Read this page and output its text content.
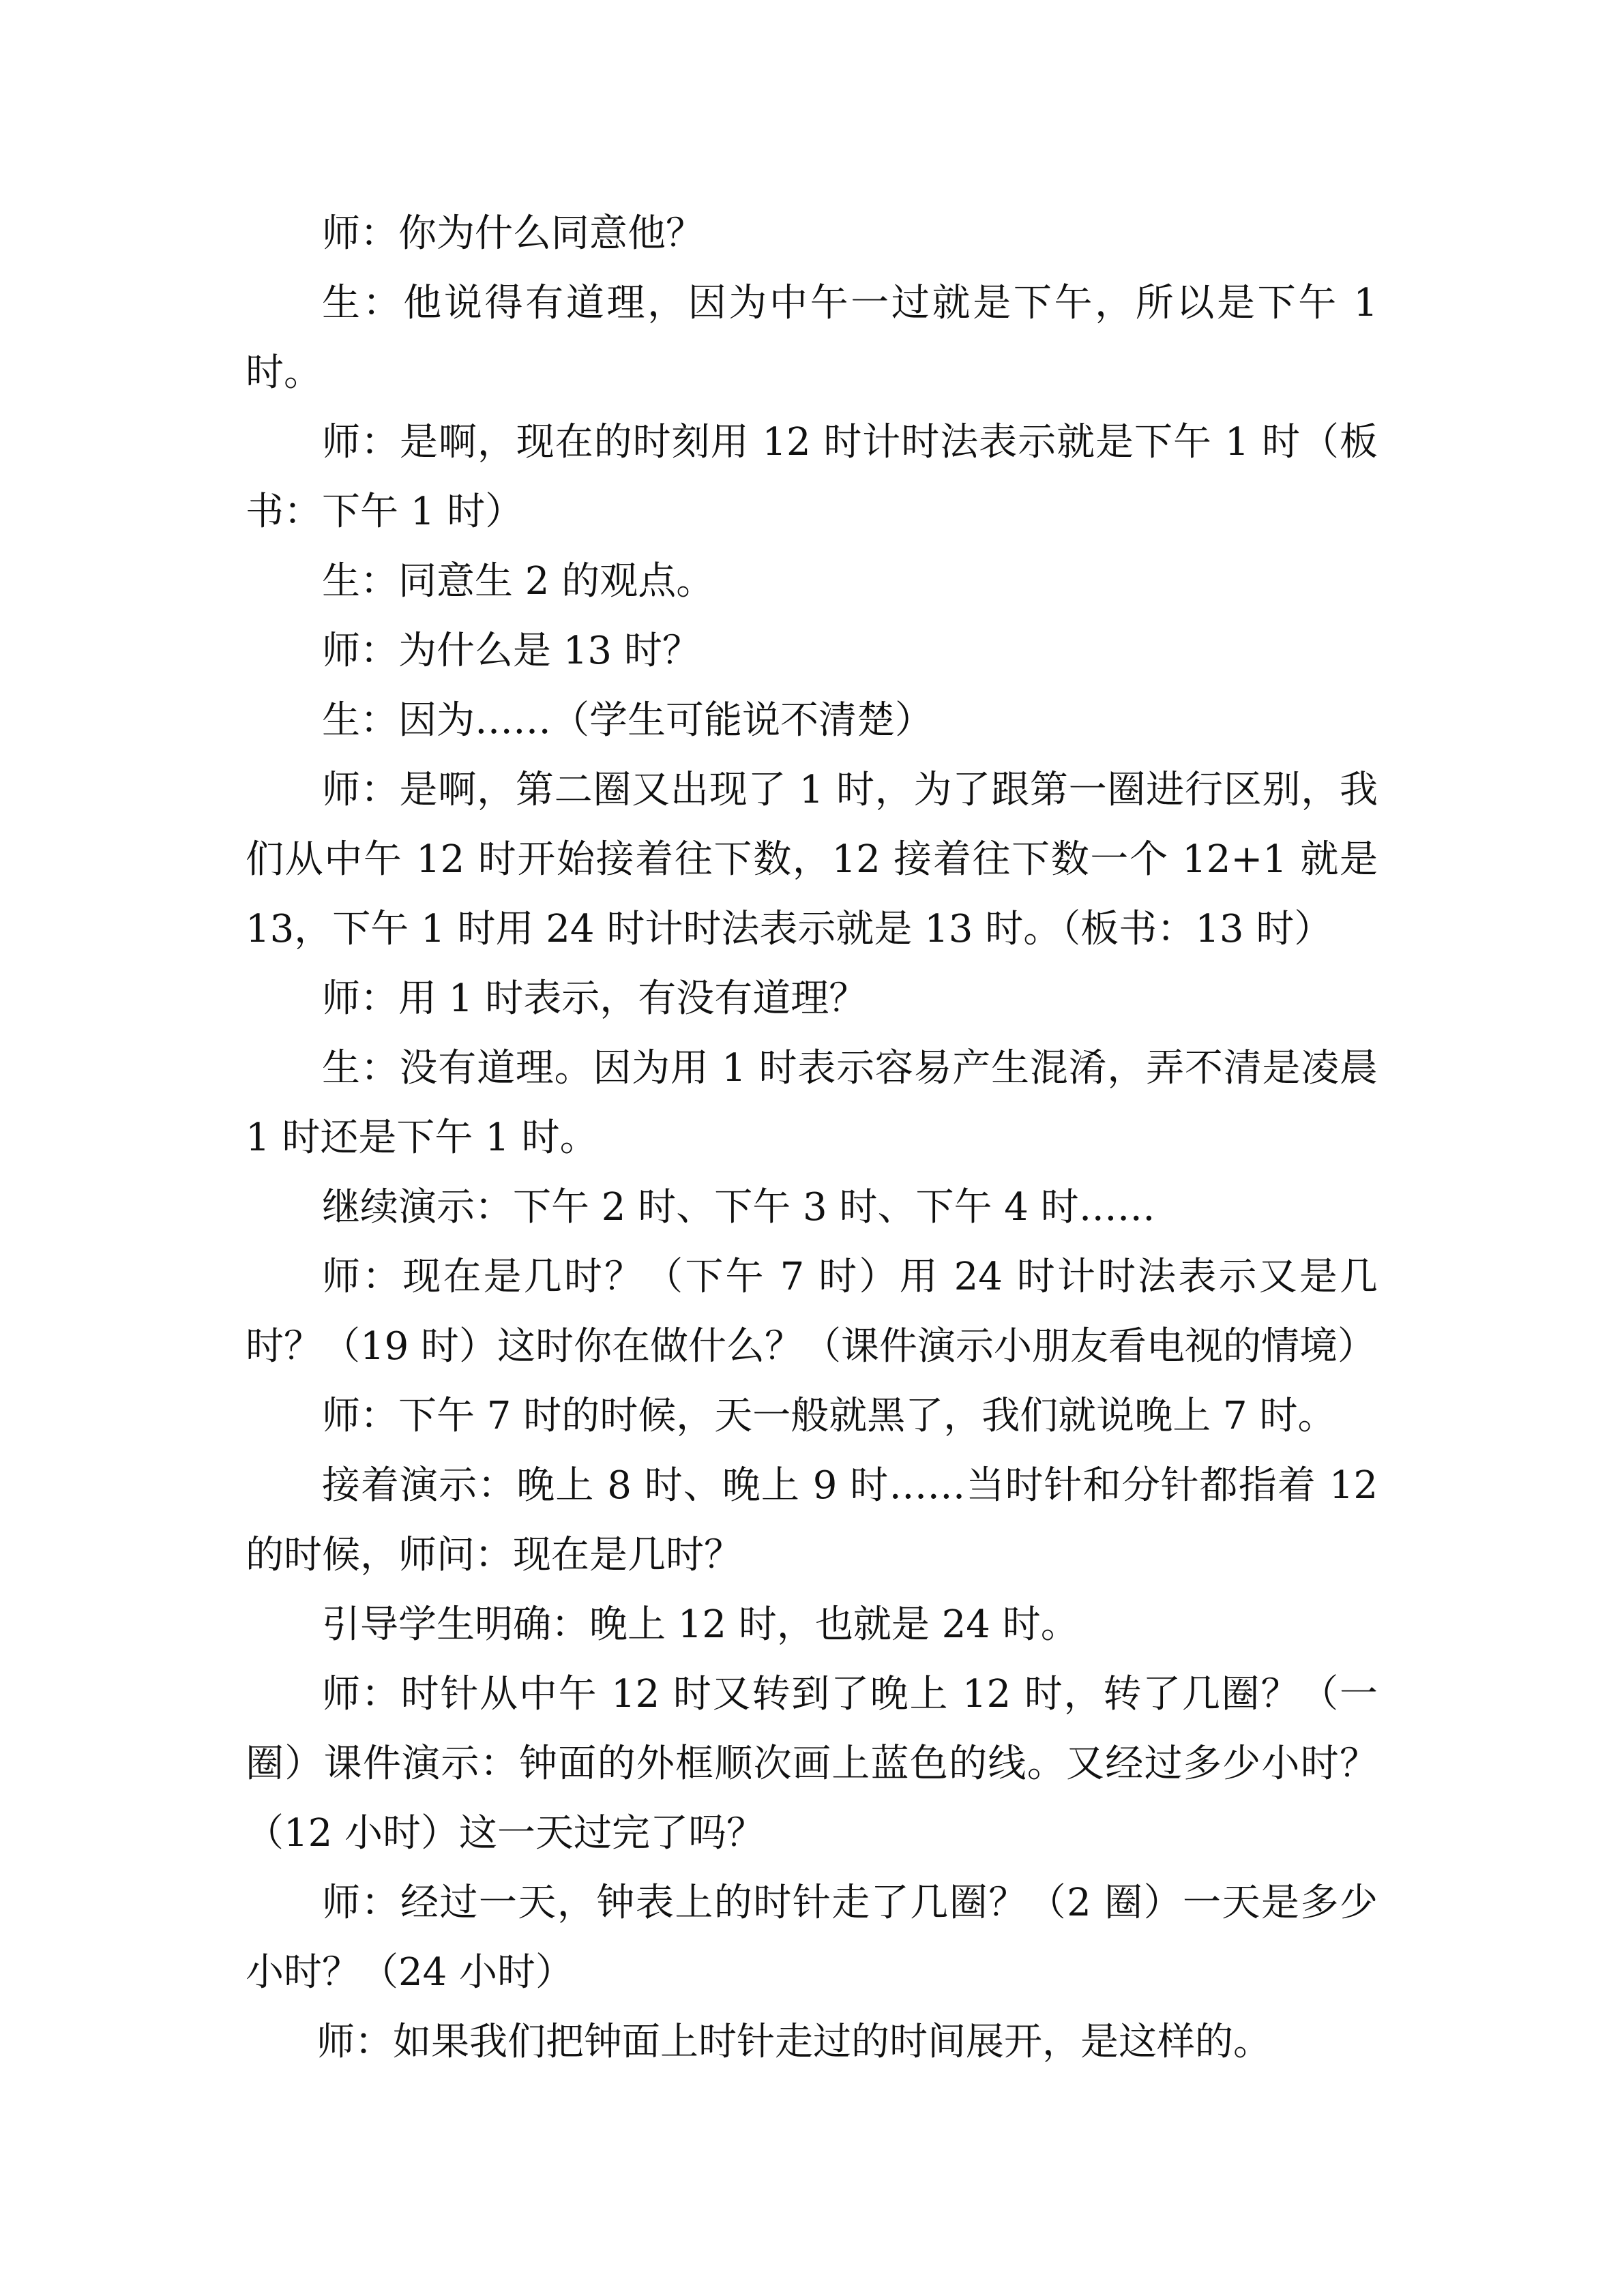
师：你为什么同意他？

生：他说得有道理，因为中午一过就是下午，所以是下午 1 时。

师：是啊，现在的时刻用 12 时计时法表示就是下午 1 时（板书：下午 1 时）

生：同意生 2 的观点。

师：为什么是 13 时？

生：因为……（学生可能说不清楚）

师：是啊，第二圈又出现了 1 时，为了跟第一圈进行区别，我们从中午 12 时开始接着往下数，12 接着往下数一个 12+1 就是 13，下午 1 时用 24 时计时法表示就是 13 时。（板书：13 时）

师：用 1 时表示，有没有道理？

生：没有道理。因为用 1 时表示容易产生混淆，弄不清是凌晨 1 时还是下午 1 时。

继续演示：下午 2 时、下午 3 时、下午 4 时……

师：现在是几时？（下午 7 时）用 24 时计时法表示又是几时？（19 时）这时你在做什么？（课件演示小朋友看电视的情境）

师：下午 7 时的时候，天一般就黑了，我们就说晚上 7 时。

接着演示：晚上 8 时、晚上 9 时……当时针和分针都指着 12 的时候，师问：现在是几时？

引导学生明确：晚上 12 时，也就是 24 时。

师：时针从中午 12 时又转到了晚上 12 时，转了几圈？（一圈）课件演示：钟面的外框顺次画上蓝色的线。又经过多少小时？（12 小时）这一天过完了吗？

师：经过一天，钟表上的时针走了几圈？（2 圈）一天是多少小时？（24 小时）

师：如果我们把钟面上时针走过的时间展开，是这样的。
